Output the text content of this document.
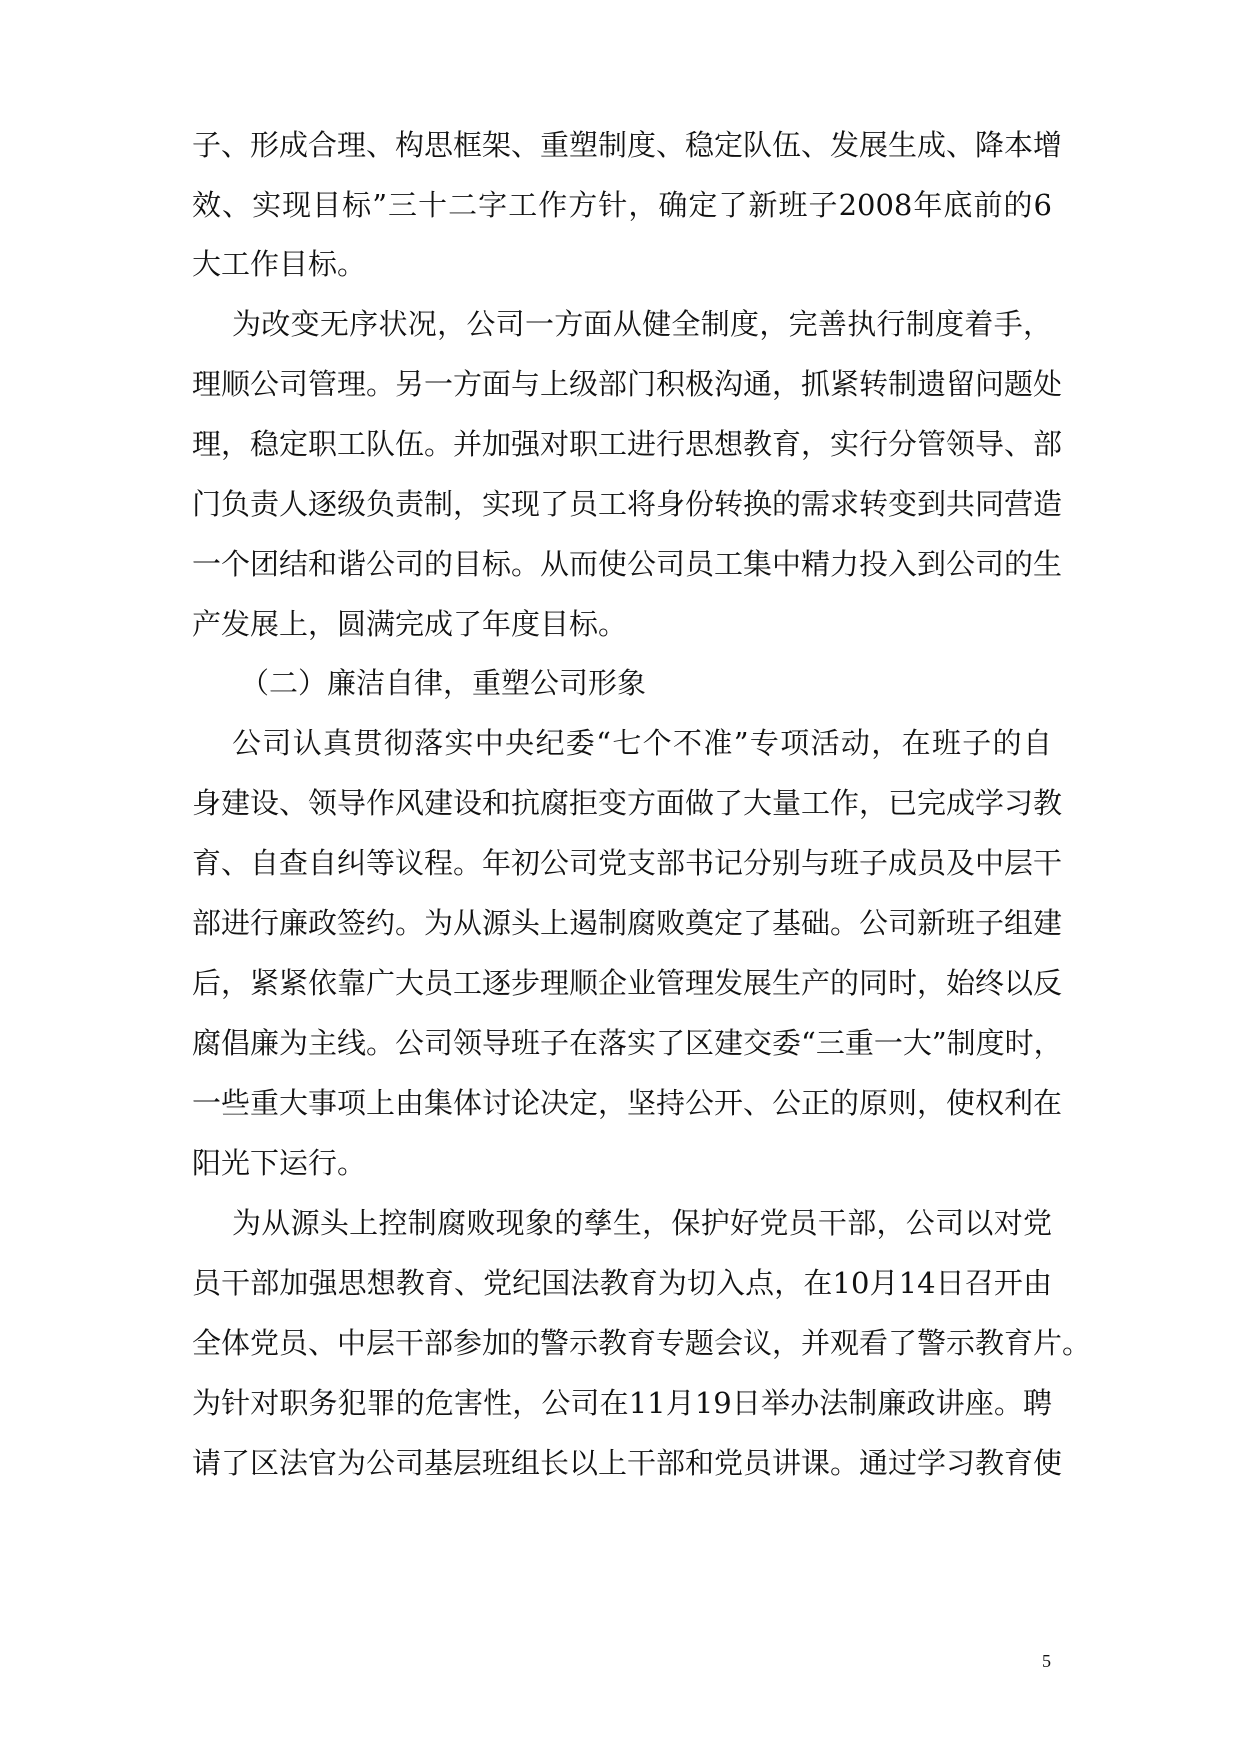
子、形成合理、构思框架、重塑制度、稳定队伍、发展生成、降本增
效、实现目标”三十二字工作方针，确定了新班子2008年底前的6
大工作目标。
为改变无序状况，公司一方面从健全制度，完善执行制度着手，
理顺公司管理。另一方面与上级部门积极沟通，抓紧转制遗留问题处
理，稳定职工队伍。并加强对职工进行思想教育，实行分管领导、部
门负责人逐级负责制，实现了员工将身份转换的需求转变到共同营造
一个团结和谐公司的目标。从而使公司员工集中精力投入到公司的生
产发展上，圆满完成了年度目标。
（二）廉洁自律，重塑公司形象
公司认真贯彻落实中央纪委“七个不准”专项活动，在班子的自
身建设、领导作风建设和抗腐拒变方面做了大量工作，已完成学习教
育、自查自纠等议程。年初公司党支部书记分别与班子成员及中层干
部进行廉政签约。为从源头上遏制腐败奠定了基础。公司新班子组建
后，紧紧依靠广大员工逐步理顺企业管理发展生产的同时，始终以反
腐倡廉为主线。公司领导班子在落实了区建交委“三重一大”制度时，
一些重大事项上由集体讨论决定，坚持公开、公正的原则，使权利在
阳光下运行。
为从源头上控制腐败现象的孳生，保护好党员干部，公司以对党
员干部加强思想教育、党纪国法教育为切入点，在10月14日召开由
全体党员、中层干部参加的警示教育专题会议，并观看了警示教育片。
为针对职务犯罪的危害性，公司在11月19日举办法制廉政讲座。聘
请了区法官为公司基层班组长以上干部和党员讲课。通过学习教育使
5
